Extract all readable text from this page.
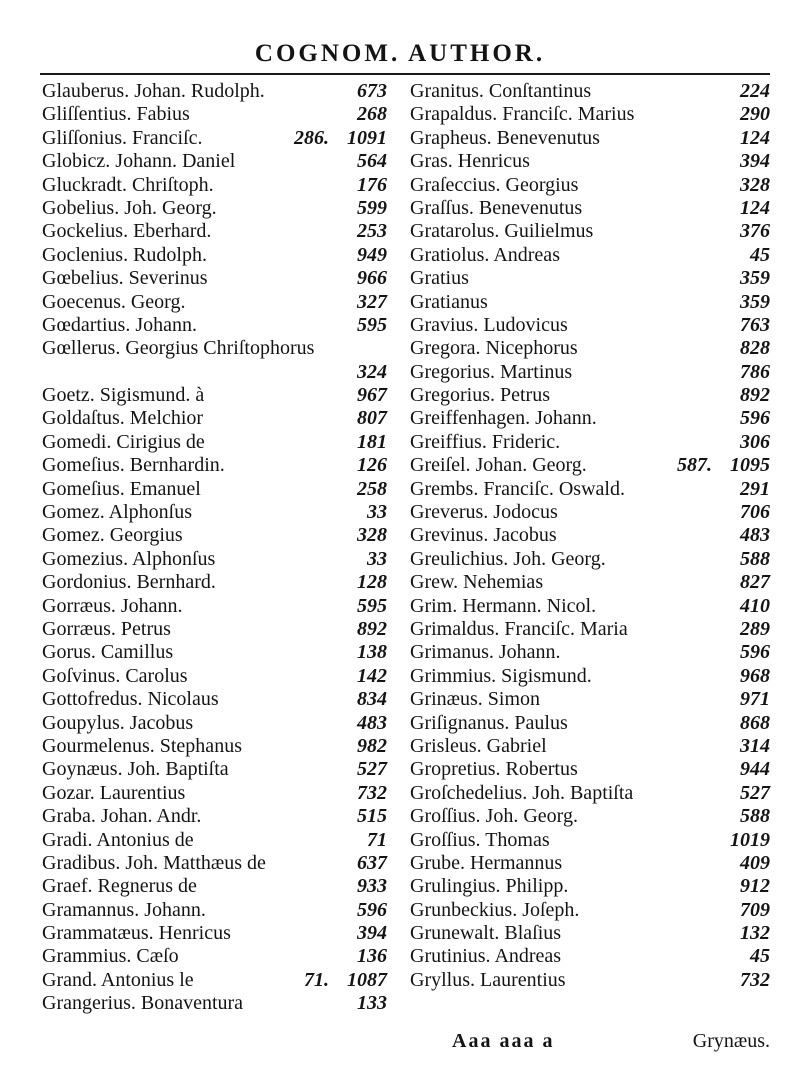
COGNOM. AUTHOR.
Glauberus. Johan. Rudolph.	673
Gliſſentius. Fabius	268
Gliſſonius. Franciſc.	286. 1091
Globicz. Johann. Daniel	564
Gluckradt. Chriſtoph.	176
Gobelius. Joh. Georg.	599
Gockelius. Eberhard.	253
Goclenius. Rudolph.	949
Gœbelius. Severinus	966
Goecenus. Georg.	327
Gœdartius. Johann.	595
Gœllerus. Georgius Chriſtophorus
324
Goetz. Sigismund. à	967
Goldaſtus. Melchior	807
Gomedi. Cirigius de	181
Gomeſius. Bernhardin.	126
Gomeſius. Emanuel	258
Gomez. Alphonſus	33
Gomez. Georgius	328
Gomezius. Alphonſus	33
Gordonius. Bernhard.	128
Gorræus. Johann.	595
Gorræus. Petrus	892
Gorus. Camillus	138
Goſvinus. Carolus	142
Gottofredus. Nicolaus	834
Goupylus. Jacobus	483
Gourmelenus. Stephanus	982
Goynæus. Joh. Baptiſta	527
Gozar. Laurentius	732
Graba. Johan. Andr.	515
Gradi. Antonius de	71
Gradibus. Joh. Matthæus de	637
Graef. Regnerus de	933
Gramannus. Johann.	596
Grammatæus. Henricus	394
Grammius. Cæſo	136
Grand. Antonius le	71. 1087
Grangerius. Bonaventura	133
Granitus. Conſtantinus	224
Grapaldus. Franciſc. Marius	290
Grapheus. Benevenutus	124
Gras. Henricus	394
Graſeccius. Georgius	328
Graſſus. Benevenutus	124
Gratarolus. Guilielmus	376
Gratiolus. Andreas	45
Gratius	359
Gratianus	359
Gravius. Ludovicus	763
Gregora. Nicephorus	828
Gregorius. Martinus	786
Gregorius. Petrus	892
Greiffenhagen. Johann.	596
Greiffius. Frideric.	306
Greiſel. Johan. Georg.	587. 1095
Grembs. Franciſc. Oswald.	291
Greverus. Jodocus	706
Grevinus. Jacobus	483
Greulichius. Joh. Georg.	588
Grew. Nehemias	827
Grim. Hermann. Nicol.	410
Grimaldus. Franciſc. Maria	289
Grimanus. Johann.	596
Grimmius. Sigismund.	968
Grinæus. Simon	971
Griſignanus. Paulus	868
Grisleus. Gabriel	314
Gropretius. Robertus	944
Groſchedelius. Joh. Baptiſta	527
Groſſius. Joh. Georg.	588
Groſſius. Thomas	1019
Grube. Hermannus	409
Grulingius. Philipp.	912
Grunbeckius. Joſeph.	709
Grunewalt. Blaſius	132
Grutinius. Andreas	45
Gryllus. Laurentius	732
Aaa aaa a	Grynæus.
